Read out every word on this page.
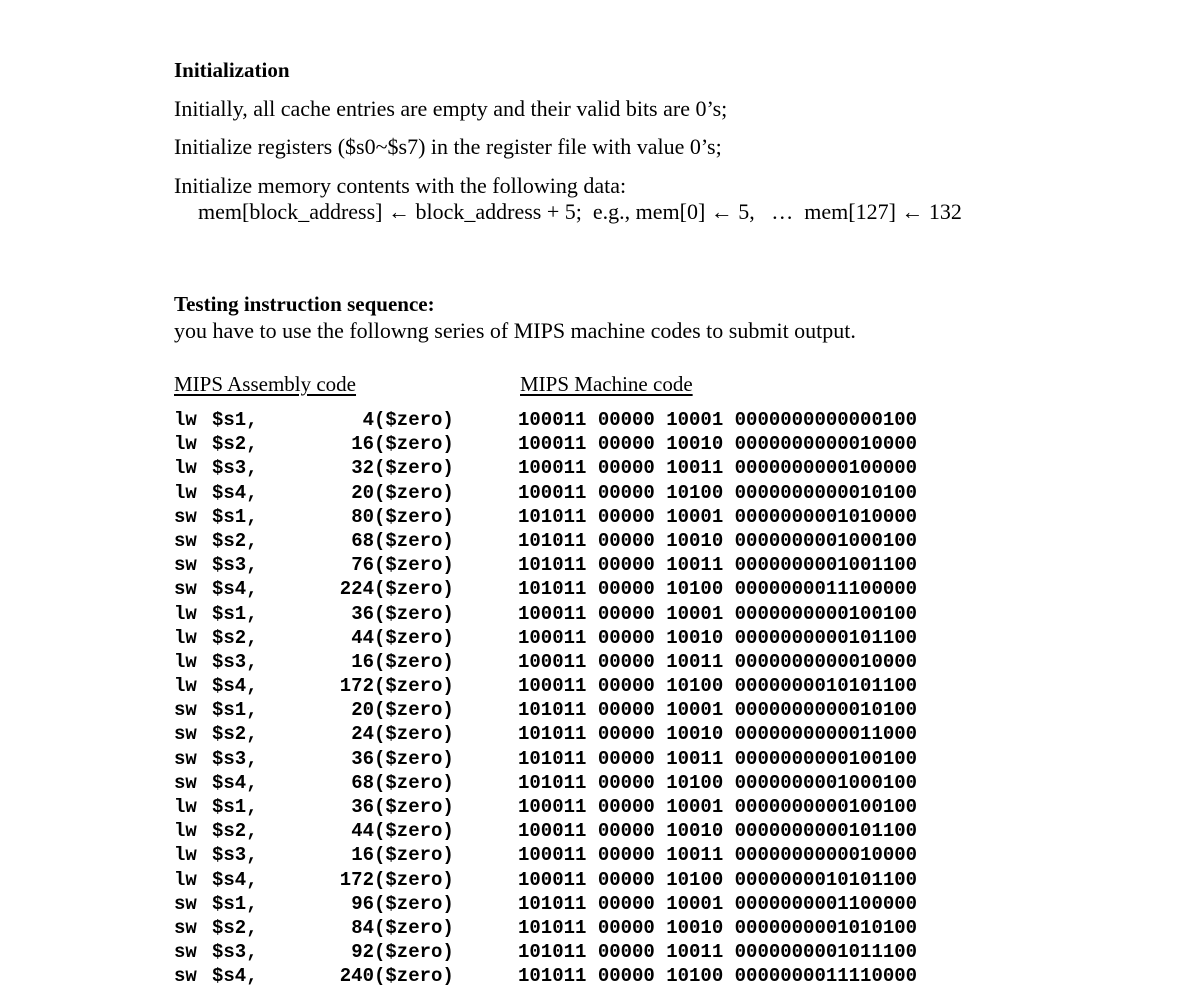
Initialization
Initially, all cache entries are empty and their valid bits are 0’s;
Initialize registers ($s0~$s7) in the register file with value 0’s;
Initialize memory contents with the following data:
mem[block_address] ← block_address + 5;  e.g., mem[0] ← 5,   …  mem[127] ← 132
Testing instruction sequence:
you have to use the followng series of MIPS machine codes to submit output.
MIPS Assembly code	MIPS Machine code
lw $s1,	4 ($zero)	100011 00000 10001 0000000000000100
lw $s2,	16 ($zero)	100011 00000 10010 0000000000010000
lw $s3,	32 ($zero)	100011 00000 10011 0000000000100000
lw $s4,	20 ($zero)	100011 00000 10100 0000000000010100
sw $s1,	80 ($zero)	101011 00000 10001 0000000001010000
sw $s2,	68 ($zero)	101011 00000 10010 0000000001000100
sw $s3,	76 ($zero)	101011 00000 10011 0000000001001100
sw $s4,	224 ($zero)	101011 00000 10100 0000000011100000
lw $s1,	36 ($zero)	100011 00000 10001 0000000000100100
lw $s2,	44 ($zero)	100011 00000 10010 0000000000101100
lw $s3,	16 ($zero)	100011 00000 10011 0000000000010000
lw $s4,	172 ($zero)	100011 00000 10100 0000000010101100
sw $s1,	20 ($zero)	101011 00000 10001 0000000000010100
sw $s2,	24 ($zero)	101011 00000 10010 0000000000011000
sw $s3,	36 ($zero)	101011 00000 10011 0000000000100100
sw $s4,	68 ($zero)	101011 00000 10100 0000000001000100
lw $s1,	36 ($zero)	100011 00000 10001 0000000000100100
lw $s2,	44 ($zero)	100011 00000 10010 0000000000101100
lw $s3,	16 ($zero)	100011 00000 10011 0000000000010000
lw $s4,	172 ($zero)	100011 00000 10100 0000000010101100
sw $s1,	96 ($zero)	101011 00000 10001 0000000001100000
sw $s2,	84 ($zero)	101011 00000 10010 0000000001010100
sw $s3,	92 ($zero)	101011 00000 10011 0000000001011100
sw $s4,	240 ($zero)	101011 00000 10100 0000000011110000
